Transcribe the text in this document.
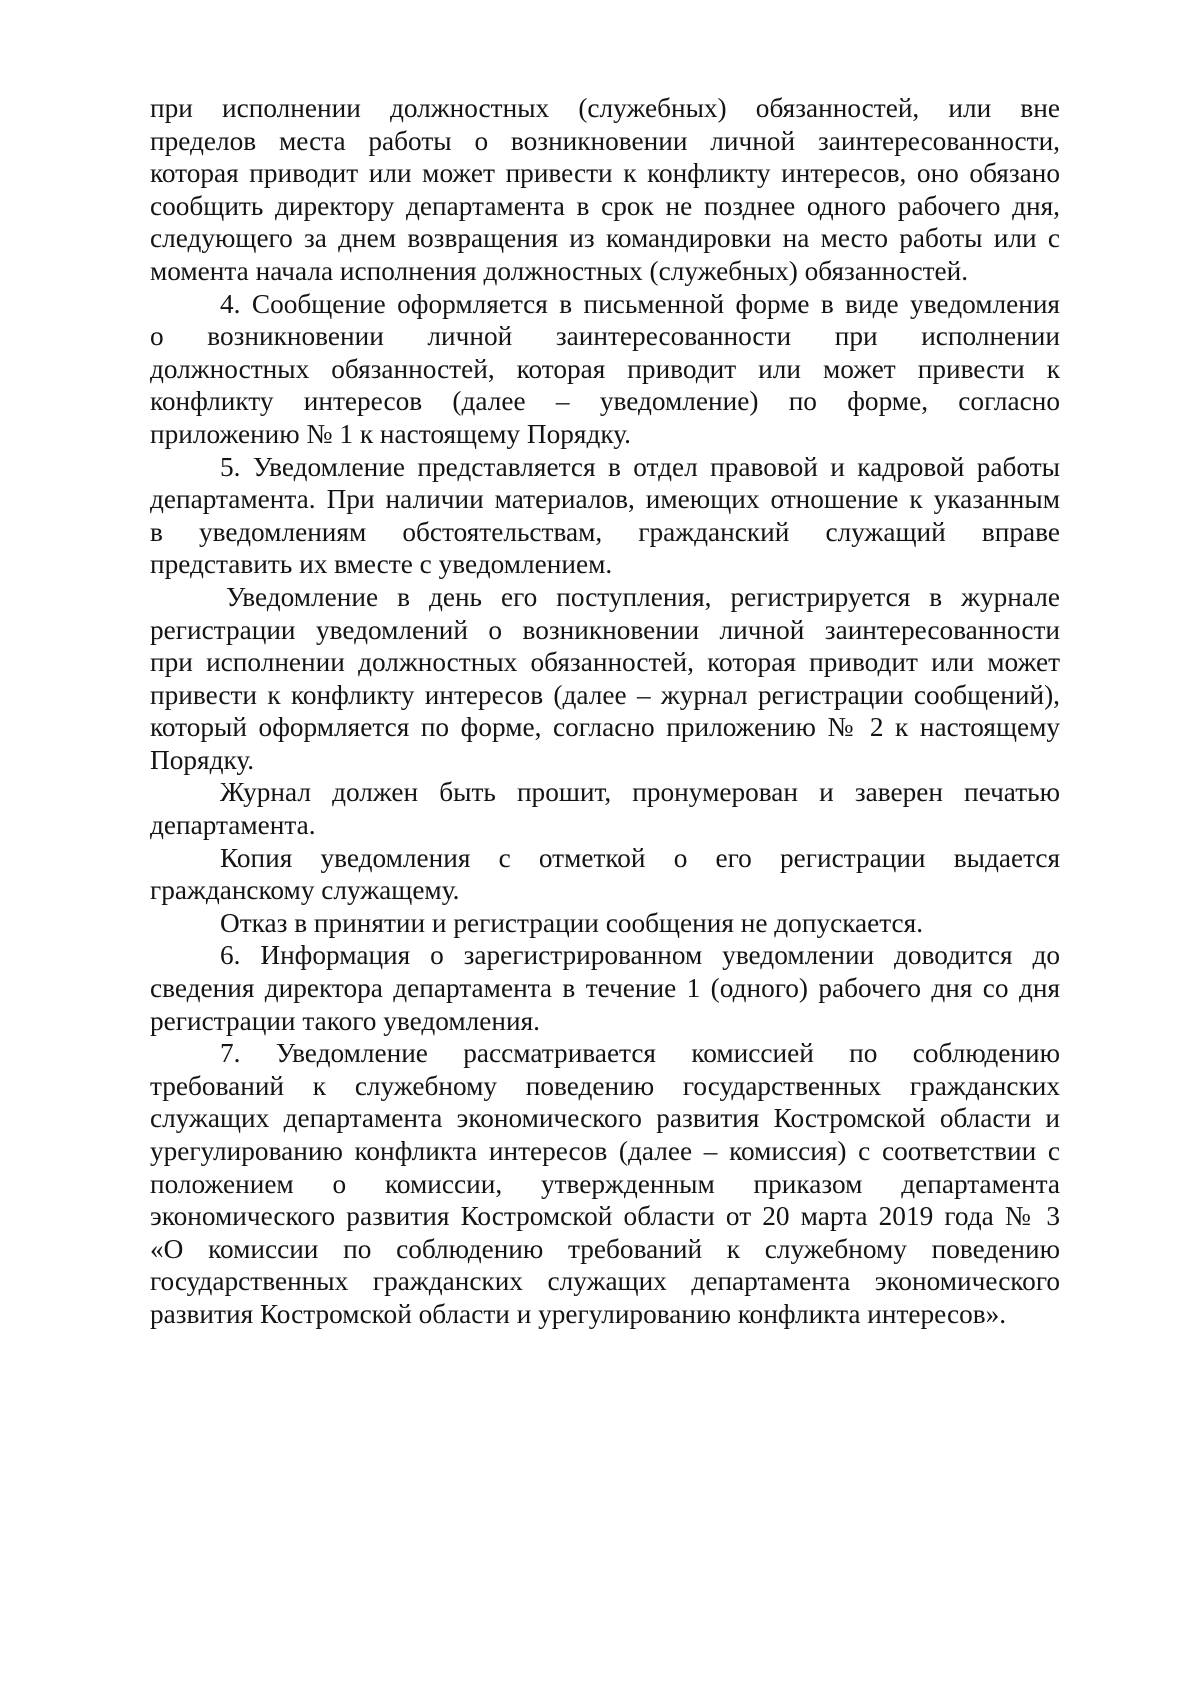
при исполнении должностных (служебных) обязанностей, или вне
пределов места работы о возникновении личной заинтересованности,
которая приводит или может привести к конфликту интересов, оно обязано
сообщить директору департамента в срок не позднее одного рабочего дня,
следующего за днем возвращения из командировки на место работы или с
момента начала исполнения должностных (служебных) обязанностей.
4. Сообщение оформляется в письменной форме в виде уведомления
о возникновении личной заинтересованности при исполнении
должностных обязанностей, которая приводит или может привести к
конфликту интересов (далее – уведомление) по форме, согласно
приложению № 1 к настоящему Порядку.
5. Уведомление представляется в отдел правовой и кадровой работы
департамента. При наличии материалов, имеющих отношение к указанным
в уведомлениям обстоятельствам, гражданский служащий вправе
представить их вместе с уведомлением.
Уведомление в день его поступления, регистрируется в журнале
регистрации уведомлений о возникновении личной заинтересованности
при исполнении должностных обязанностей, которая приводит или может
привести к конфликту интересов (далее – журнал регистрации сообщений),
который оформляется по форме, согласно приложению № 2 к настоящему
Порядку.
Журнал должен быть прошит, пронумерован и заверен печатью
департамента.
Копия уведомления с отметкой о его регистрации выдается
гражданскому служащему.
Отказ в принятии и регистрации сообщения не допускается.
6. Информация о зарегистрированном уведомлении доводится до
сведения директора департамента в течение 1 (одного) рабочего дня со дня
регистрации такого уведомления.
7. Уведомление рассматривается комиссией по соблюдению
требований к служебному поведению государственных гражданских
служащих департамента экономического развития Костромской области и
урегулированию конфликта интересов (далее – комиссия) с соответствии с
положением о комиссии, утвержденным приказом департамента
экономического развития Костромской области от 20 марта 2019 года № 3
«О комиссии по соблюдению требований к служебному поведению
государственных гражданских служащих департамента экономического
развития Костромской области и урегулированию конфликта интересов».
